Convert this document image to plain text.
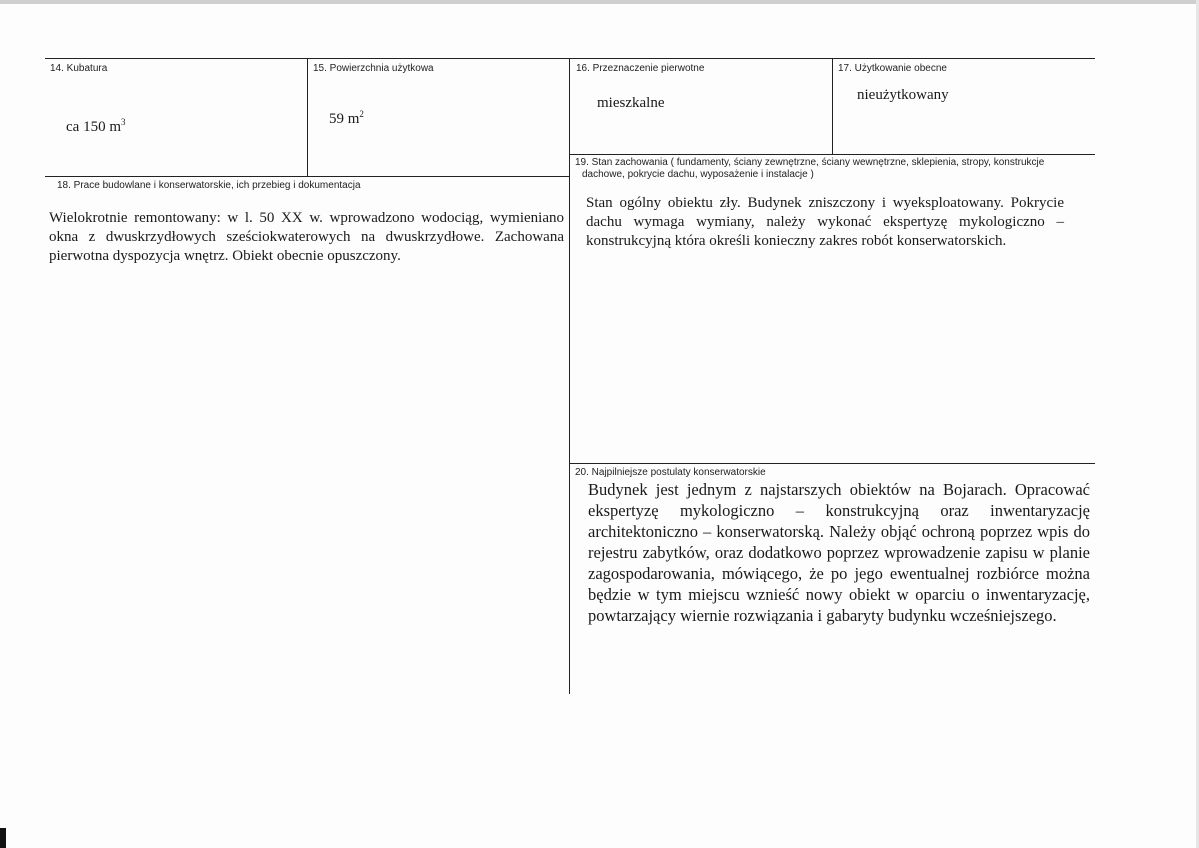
14. Kubatura
ca 150 $m^3$
15. Powierzchnia użytkowa
59 $m^2$
16. Przeznaczenie pierwotne
mieszkalne
17. Użytkowanie obecne
nieużytkowany
18. Prace budowlane i konserwatorskie, ich przebieg i dokumentacja
Wielokrotnie remontowany: w l. 50 XX w. wprowadzono wodociąg, wymieniano okna z dwuskrzydłowych sześciokwaterowych na dwuskrzydłowe. Zachowana pierwotna dyspozycja wnętrz. Obiekt obecnie opuszczony.
19. Stan zachowania ( fundamenty, ściany zewnętrzne, ściany wewnętrzne, sklepienia, stropy, konstrukcje
dachowe, pokrycie dachu, wyposażenie i instalacje )
Stan ogólny obiektu zły. Budynek zniszczony i wyeksploatowany. Pokrycie dachu wymaga wymiany, należy wykonać ekspertyzę mykologiczno – konstrukcyjną która określi konieczny zakres robót konserwatorskich.
20. Najpilniejsze postulaty konserwatorskie
Budynek jest jednym z najstarszych obiektów na Bojarach. Opracować ekspertyzę mykologiczno – konstrukcyjną oraz inwentaryzację architektoniczno – konserwatorską. Należy objąć ochroną poprzez wpis do rejestru zabytków, oraz dodatkowo poprzez wprowadzenie zapisu w planie zagospodarowania, mówiącego, że po jego ewentualnej rozbiórce można będzie w tym miejscu wznieść nowy obiekt w oparciu o inwentaryzację, powtarzający wiernie rozwiązania i gabaryty budynku wcześniejszego.
